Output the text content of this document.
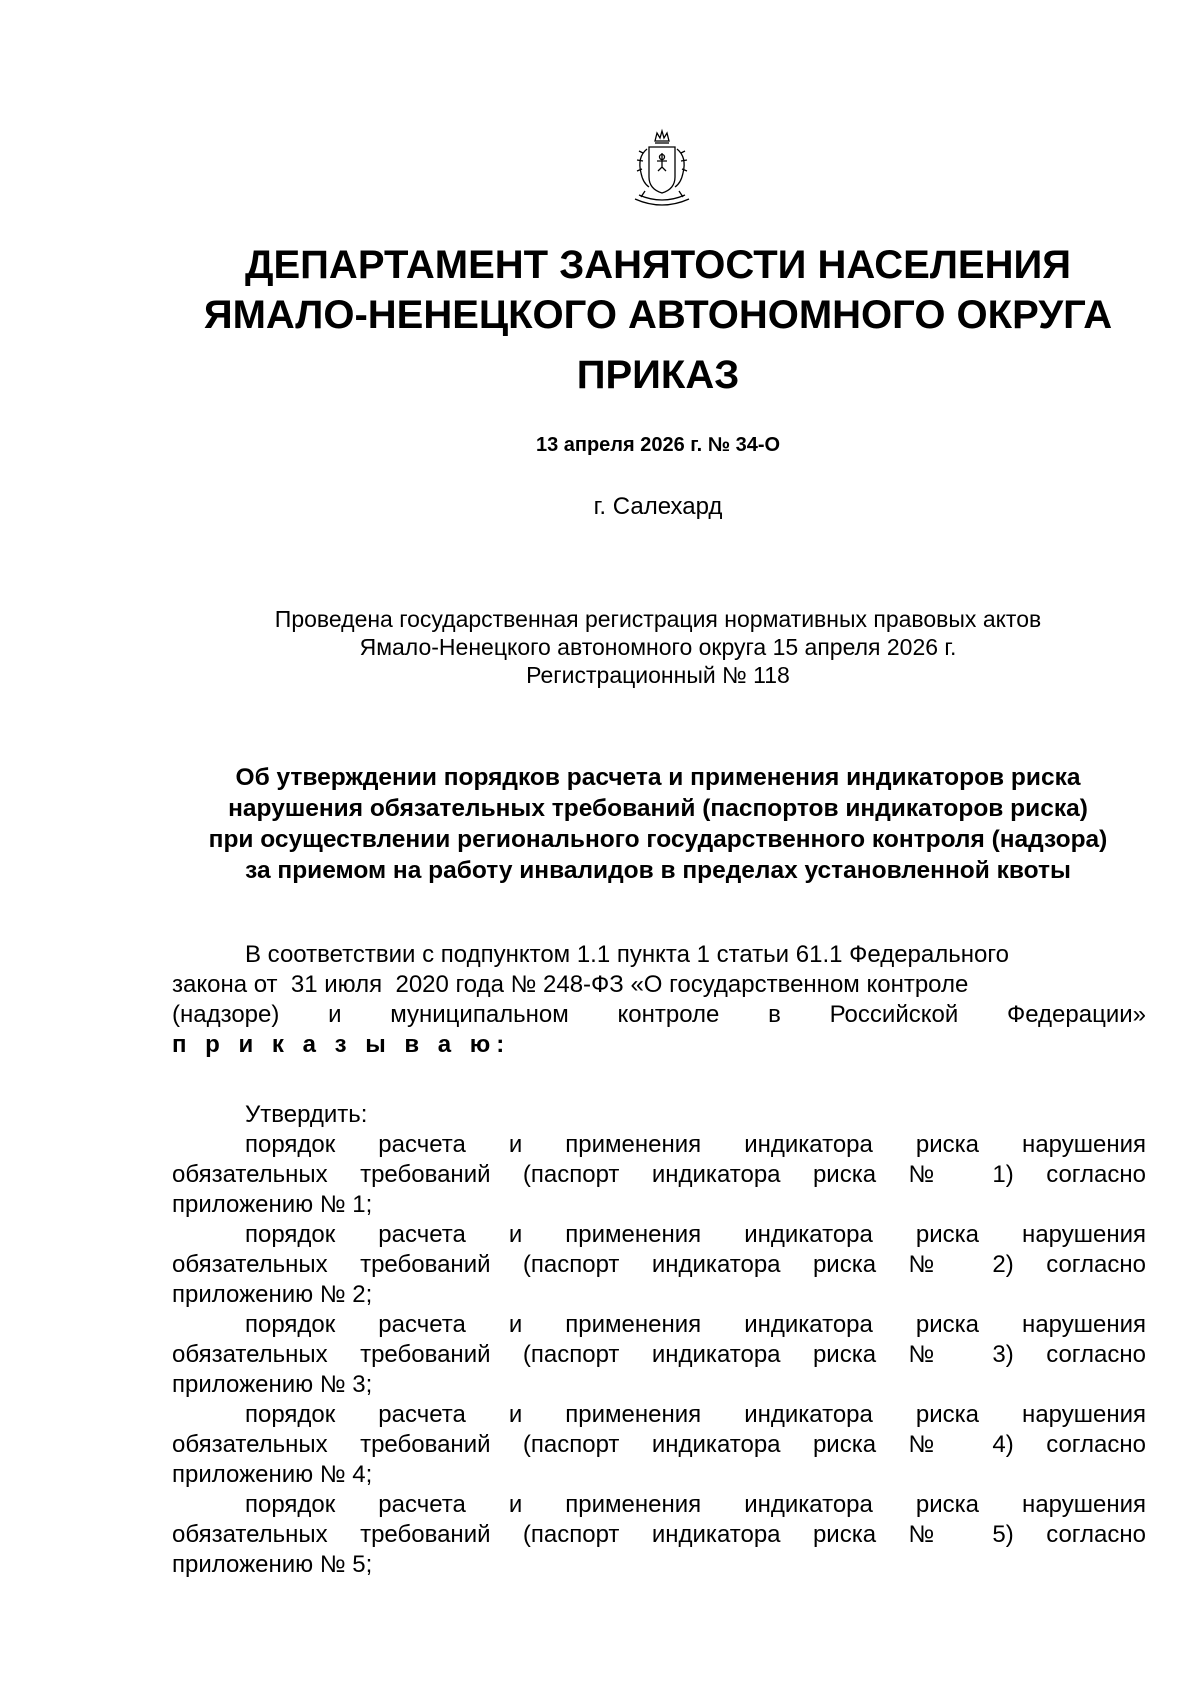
ДЕПАРТАМЕНТ ЗАНЯТОСТИ НАСЕЛЕНИЯ
ЯМАЛО-НЕНЕЦКОГО АВТОНОМНОГО ОКРУГА
ПРИКАЗ
13 апреля 2026 г. № 34-О
г. Салехард
Проведена государственная регистрация нормативных правовых актов
Ямало-Ненецкого автономного округа 15 апреля 2026 г.
Регистрационный № 118
Об утверждении порядков расчета и применения индикаторов риска
нарушения обязательных требований (паспортов индикаторов риска)
при осуществлении регионального государственного контроля (надзора)
за приемом на работу инвалидов в пределах установленной квоты
В соответствии с подпунктом 1.1 пункта 1 статьи 61.1 Федерального
закона от  31 июля  2020 года № 248-ФЗ «О государственном контроле
(надзоре) и муниципальном контроле в Российской Федерации»
п р и к а з ы в а ю:
Утвердить:
порядок расчета и применения индикатора риска нарушения
обязательных требований (паспорт индикатора риска № 1) согласно
приложению № 1;
порядок расчета и применения индикатора риска нарушения
обязательных требований (паспорт индикатора риска № 2) согласно
приложению № 2;
порядок расчета и применения индикатора риска нарушения
обязательных требований (паспорт индикатора риска № 3) согласно
приложению № 3;
порядок расчета и применения индикатора риска нарушения
обязательных требований (паспорт индикатора риска № 4) согласно
приложению № 4;
порядок расчета и применения индикатора риска нарушения
обязательных требований (паспорт индикатора риска № 5) согласно
приложению № 5;
